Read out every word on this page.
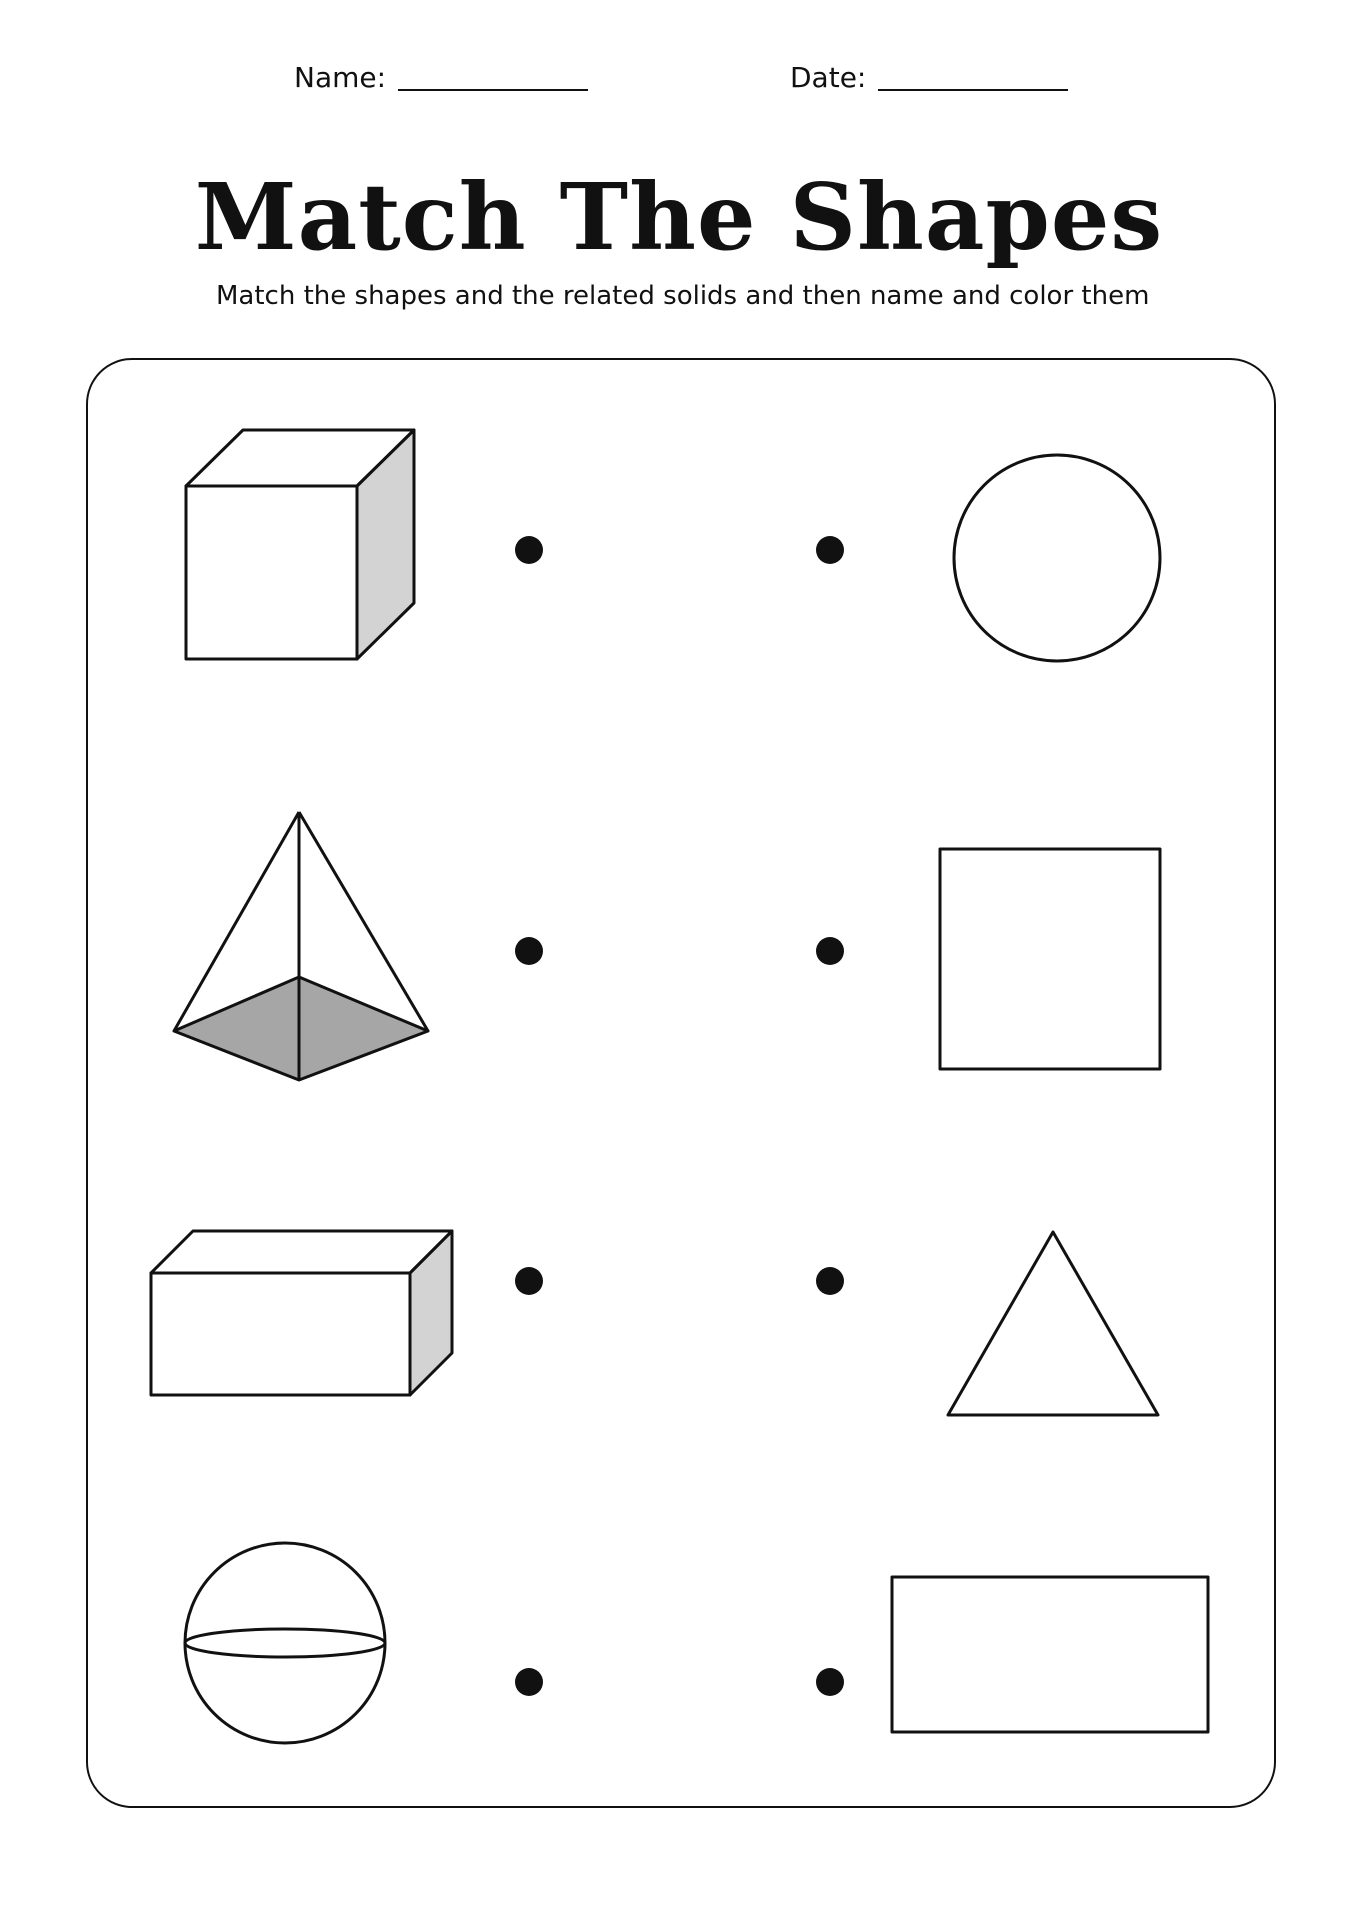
Name:	Date:
Match The Shapes
Match the shapes and the related solids and then name and color them
